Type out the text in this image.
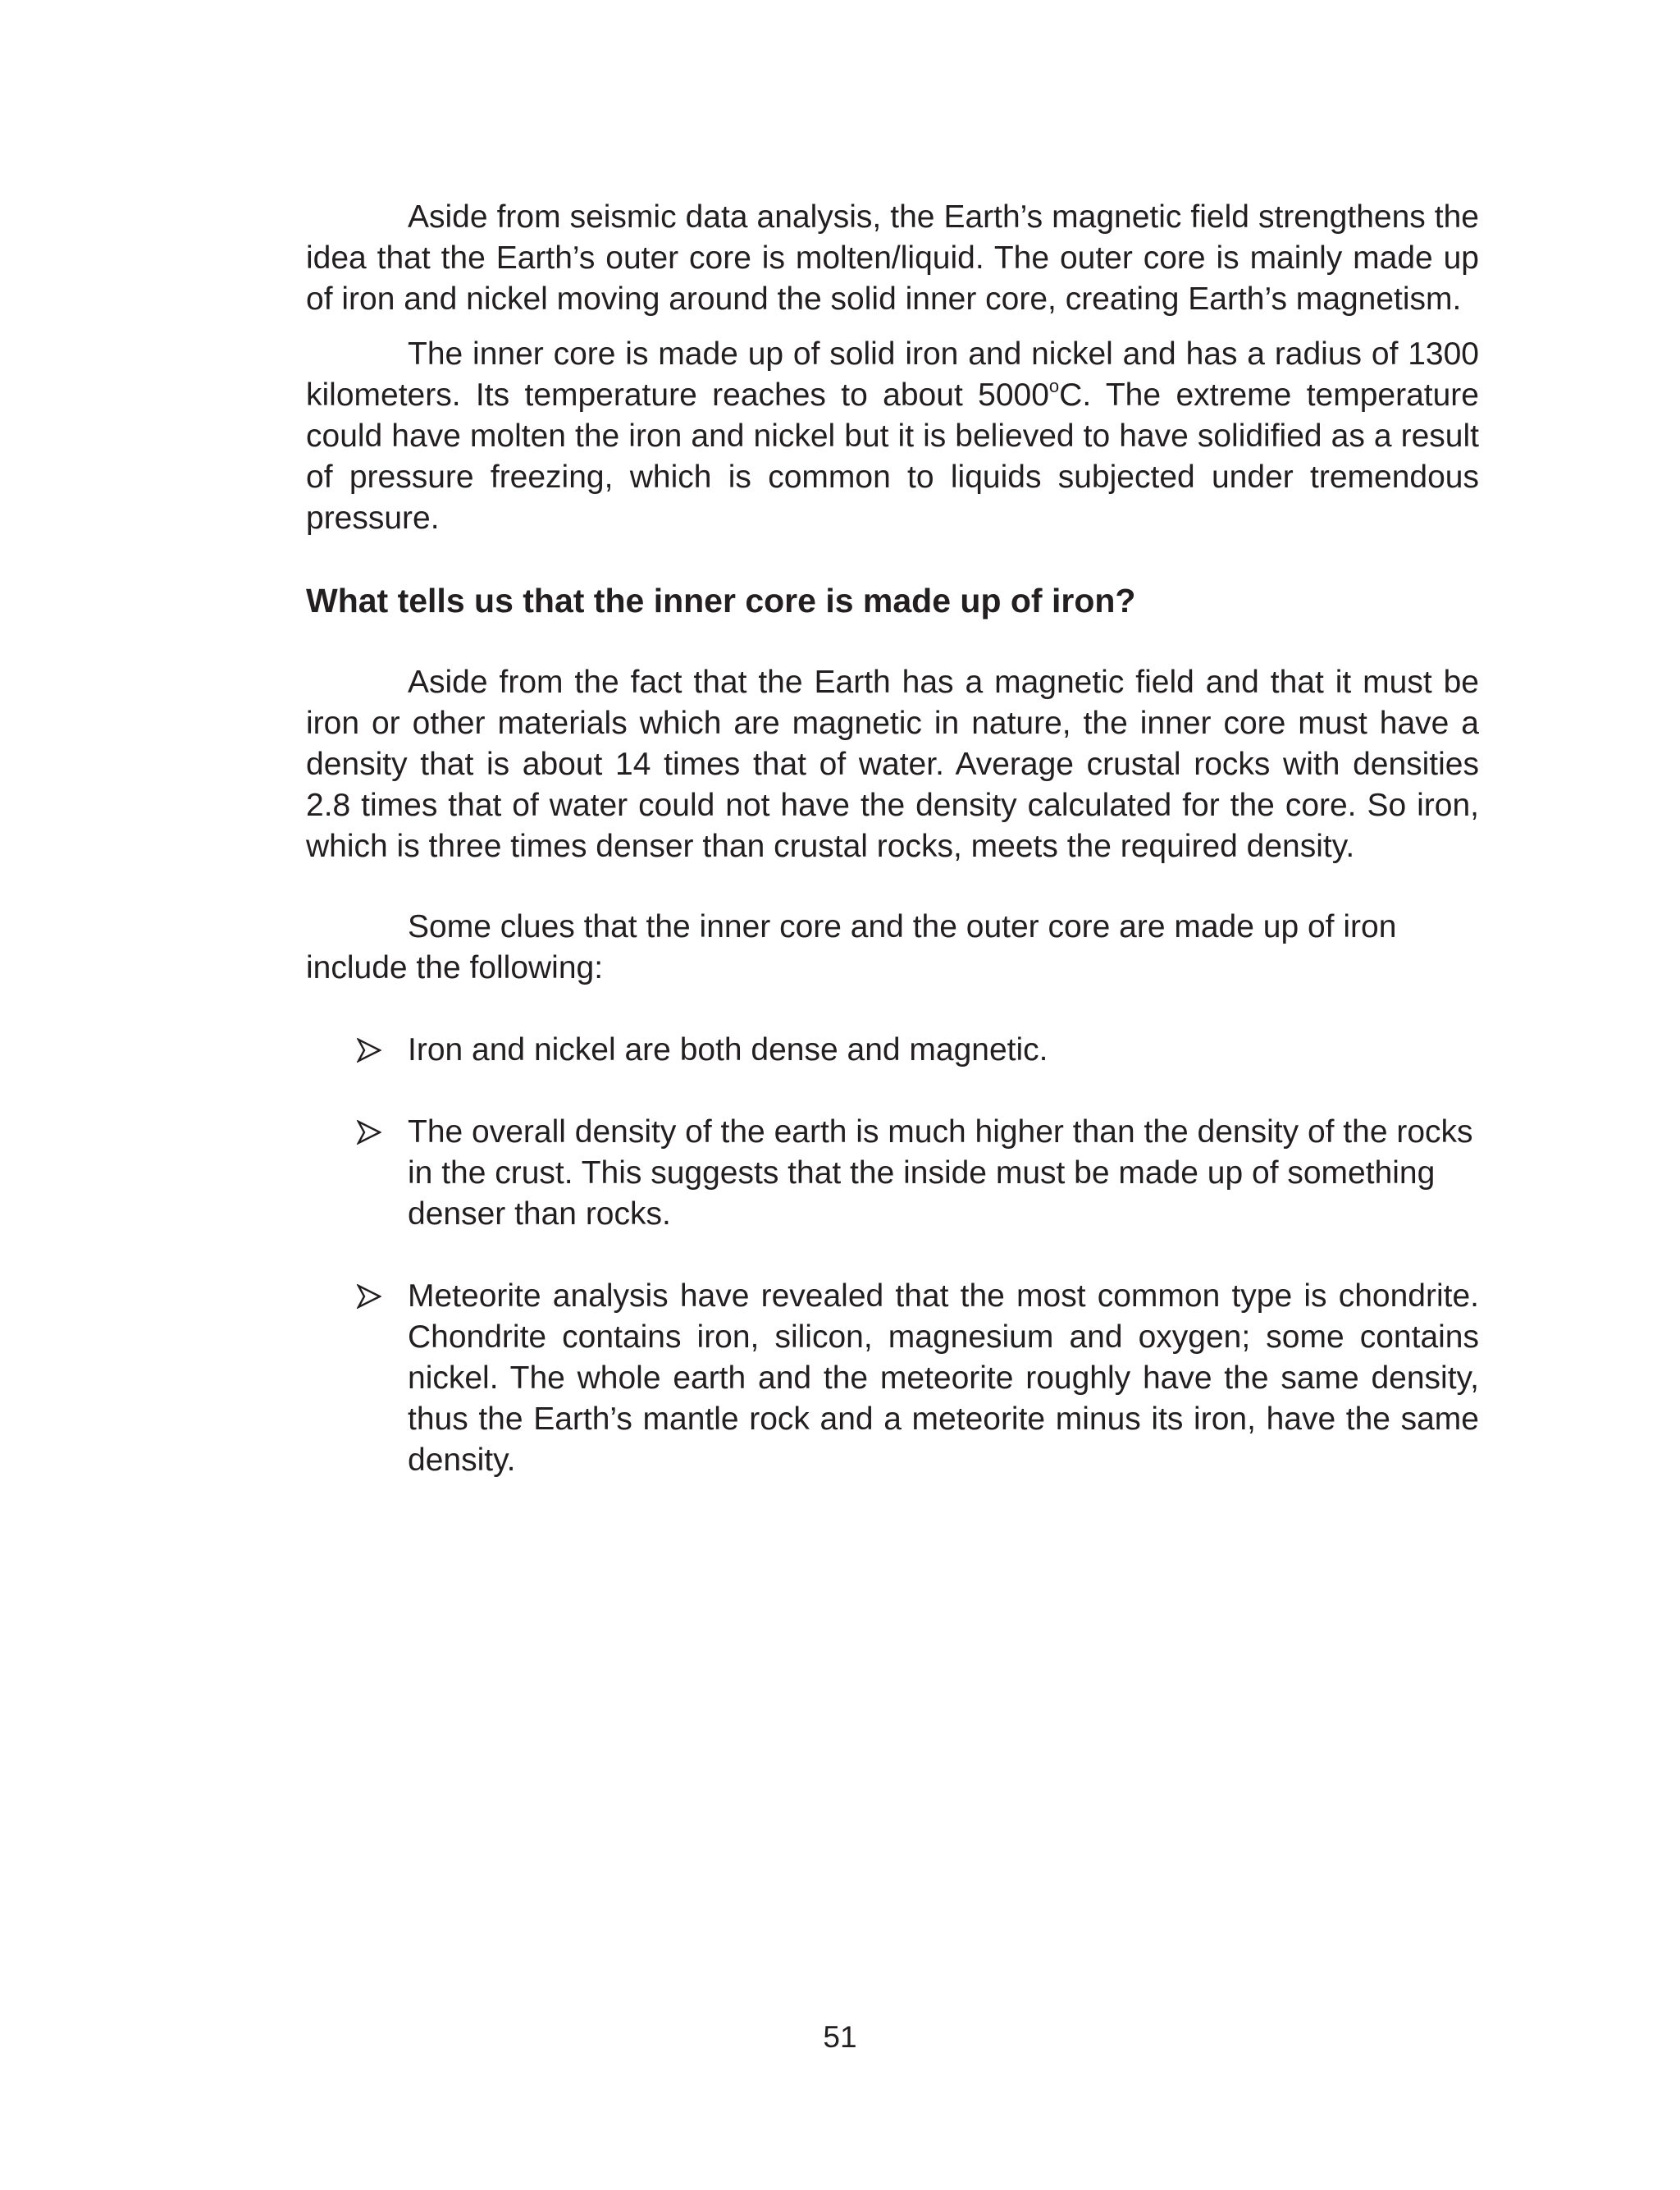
Aside from seismic data analysis, the Earth’s magnetic field strengthens the idea that the Earth’s outer core is molten/liquid. The outer core is mainly made up of iron and nickel moving around the solid inner core, creating Earth’s magnetism.

The inner core is made up of solid iron and nickel and has a radius of 1300 kilometers. Its temperature reaches to about 5000$^o$C. The extreme temperature could have molten the iron and nickel but it is believed to have solidified as a result of pressure freezing, which is common to liquids subjected under tremendous pressure.

What tells us that the inner core is made up of iron?

Aside from the fact that the Earth has a magnetic field and that it must be iron or other materials which are magnetic in nature, the inner core must have a density that is about 14 times that of water. Average crustal rocks with densities 2.8 times that of water could not have the density calculated for the core. So iron, which is three times denser than crustal rocks, meets the required density.

Some clues that the inner core and the outer core are made up of iron include the following:

Iron and nickel are both dense and magnetic.
The overall density of the earth is much higher than the density of the rocks in the crust. This suggests that the inside must be made up of something denser than rocks.
Meteorite analysis have revealed that the most common type is chondrite. Chondrite contains iron, silicon, magnesium and oxygen; some contains nickel. The whole earth and the meteorite roughly have the same density, thus the Earth’s mantle rock and a meteorite minus its iron, have the same density.
51
